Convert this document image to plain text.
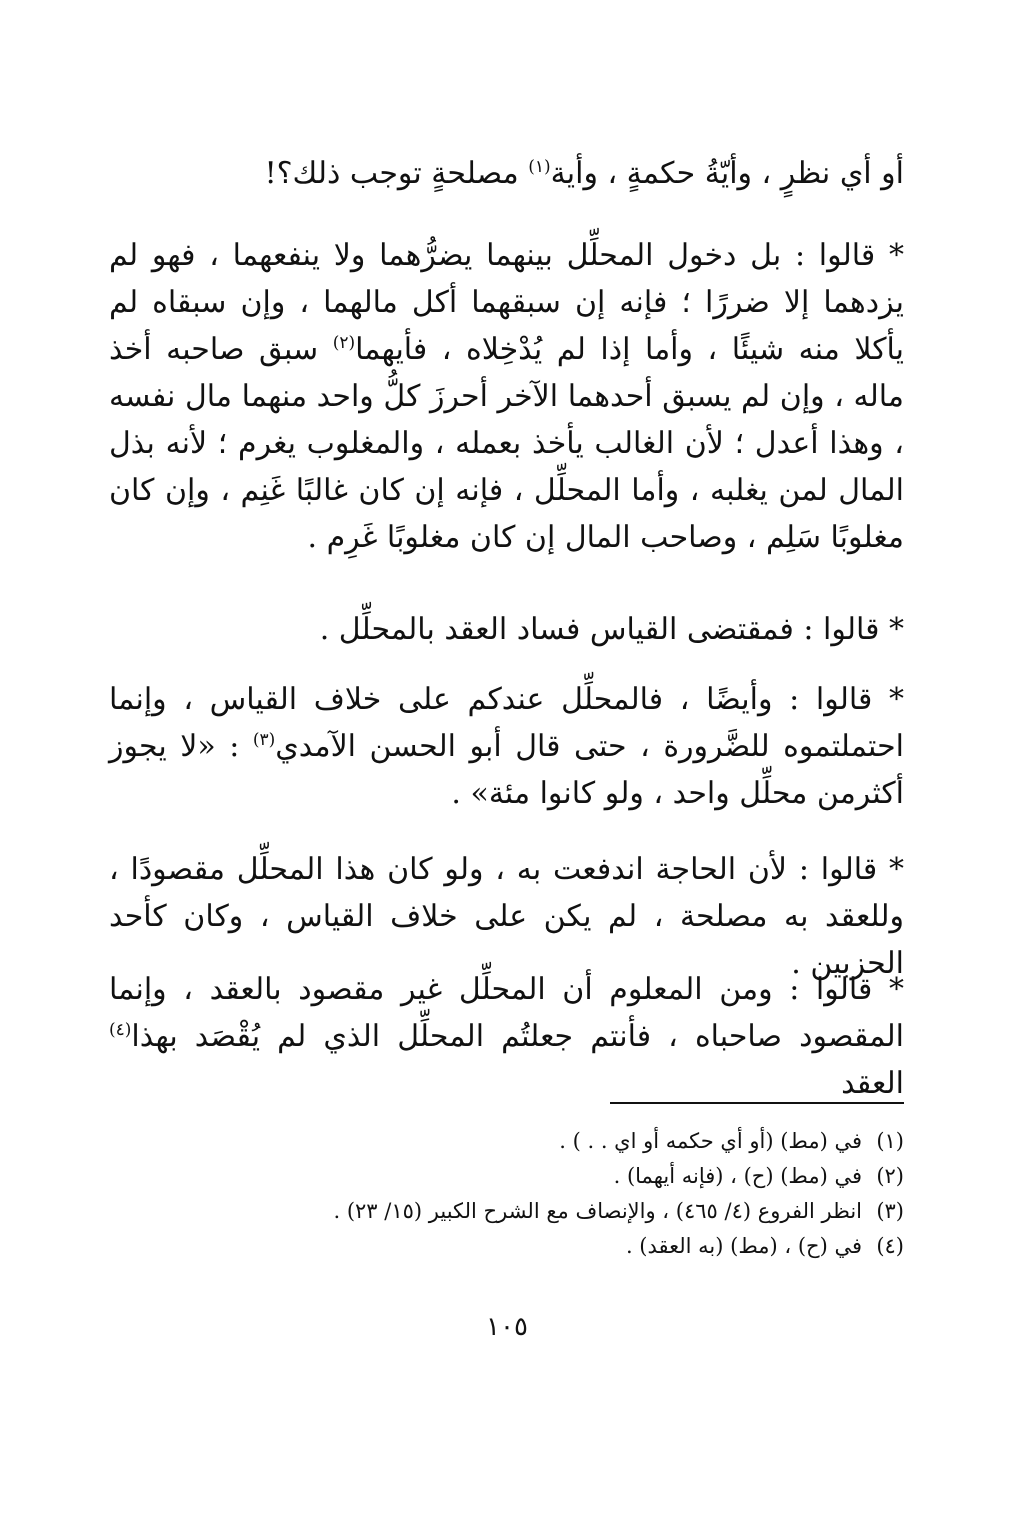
أو أي نظرٍ ، وأيّةُ حكمةٍ ، وأية$^{(١)}$ مصلحةٍ توجب ذلك؟!

* قالوا : بل دخول المحلِّل بينهما يضرُّهما ولا ينفعهما ، فهو لم يزدهما إلا ضررًا ؛ فإنه إن سبقهما أكل مالهما ، وإن سبقاه لم يأكلا منه شيئًا ، وأما إذا لم يُدْخِلاه ، فأيهما$^{(٢)}$ سبق صاحبه أخذ ماله ، وإن لم يسبق أحدهما الآخر أحرزَ كلُّ واحد منهما مال نفسه ، وهذا أعدل ؛ لأن الغالب يأخذ بعمله ، والمغلوب يغرم ؛ لأنه بذل المال لمن يغلبه ، وأما المحلِّل ، فإنه إن كان غالبًا غَنِم ، وإن كان مغلوبًا سَلِم ، وصاحب المال إن كان مغلوبًا غَرِم .

* قالوا : فمقتضى القياس فساد العقد بالمحلِّل .

* قالوا : وأيضًا ، فالمحلِّل عندكم على خلاف القياس ، وإنما احتملتموه للضَّرورة ، حتى قال أبو الحسن الآمدي$^{(٣)}$ : «لا يجوز أكثرمن محلِّل واحد ، ولو كانوا مئة» .

* قالوا : لأن الحاجة اندفعت به ، ولو كان هذا المحلِّل مقصودًا ، وللعقد به مصلحة ، لم يكن على خلاف القياس ، وكان كأحد الحزبين .

* قالوا : ومن المعلوم أن المحلِّل غير مقصود بالعقد ، وإنما المقصود صاحباه ، فأنتم جعلتُم المحلِّل الذي لم يُقْصَد بهذا$^{(٤)}$ العقد

(١)
في (مط) (أو أي حكمه أو اي . . ) .
(٢)
في (مط) (ح) ، (فإنه أيهما) .
(٣)
انظر الفروع (٤/ ٤٦٥) ، والإنصاف مع الشرح الكبير (١٥/ ٢٣) .
(٤)
في (ح) ، (مط) (به العقد) .
١٠٥
